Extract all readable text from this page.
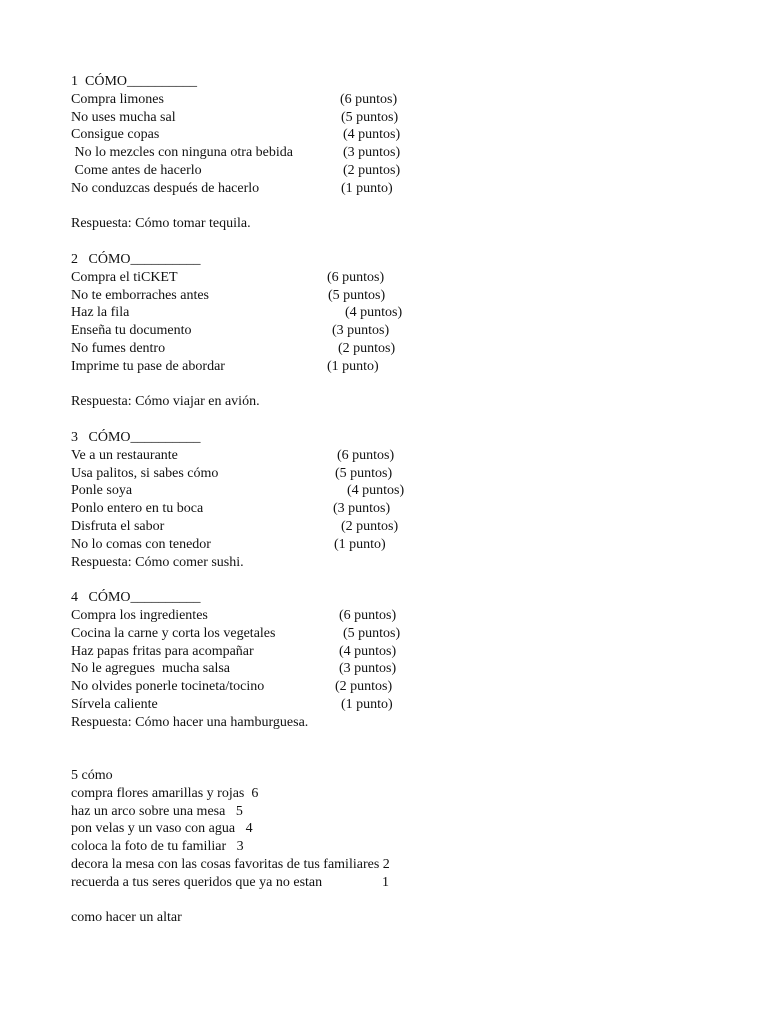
1  CÓMO__________
Compra limones	(6 puntos)
No uses mucha sal	(5 puntos)
Consigue copas	(4 puntos)
No lo mezcles con ninguna otra bebida	(3 puntos)
Come antes de hacerlo	(2 puntos)
No conduzcas después de hacerlo	(1 punto)
Respuesta: Cómo tomar tequila.
2   CÓMO__________
Compra el tiCKET	(6 puntos)
No te emborraches antes	(5 puntos)
Haz la fila	(4 puntos)
Enseña tu documento	(3 puntos)
No fumes dentro	(2 puntos)
Imprime tu pase de abordar	(1 punto)
Respuesta: Cómo viajar en avión.
3   CÓMO__________
Ve a un restaurante	(6 puntos)
Usa palitos, si sabes cómo	(5 puntos)
Ponle soya	(4 puntos)
Ponlo entero en tu boca	(3 puntos)
Disfruta el sabor	(2 puntos)
No lo comas con tenedor	(1 punto)
Respuesta: Cómo comer sushi.
4   CÓMO__________
Compra los ingredientes	(6 puntos)
Cocina la carne y corta los vegetales	(5 puntos)
Haz papas fritas para acompañar	(4 puntos)
No le agregues  mucha salsa	(3 puntos)
No olvides ponerle tocineta/tocino	(2 puntos)
Sírvela caliente	(1 punto)
Respuesta: Cómo hacer una hamburguesa.
5 cómo
compra flores amarillas y rojas  6
haz un arco sobre una mesa   5
pon velas y un vaso con agua   4
coloca la foto de tu familiar   3
decora la mesa con las cosas favoritas de tus familiares 2
recuerda a tus seres queridos que ya no estan	1
como hacer un altar
